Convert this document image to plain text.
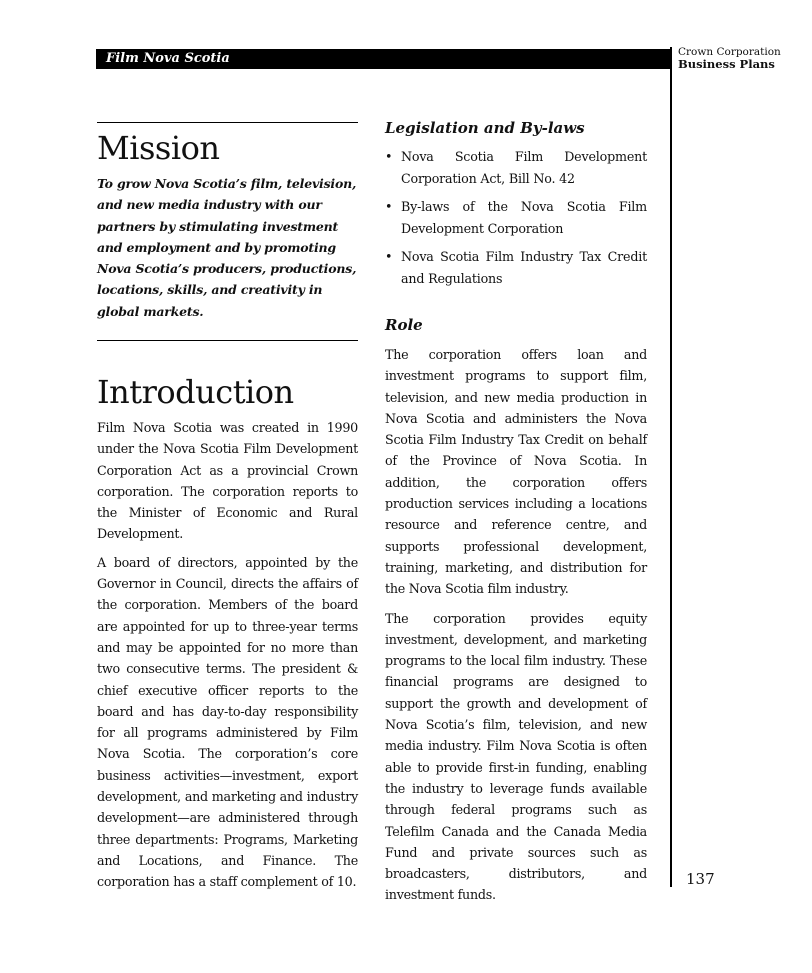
Film Nova Scotia	Crown Corporation
Business Plans
Mission

To grow Nova Scotia’s film, television, and new media industry with our partners by stimulating investment and employment and by promoting Nova Scotia’s producers, productions, locations, skills, and creativity in global markets.

Introduction

Film Nova Scotia was created in 1990 under the Nova Scotia Film Development Corporation Act as a provincial Crown corporation. The corporation reports to the Minister of Economic and Rural Development.

A board of directors, appointed by the Governor in Council, directs the affairs of the corporation. Members of the board are appointed for up to three-year terms and may be appointed for no more than two consecutive terms. The president & chief executive officer reports to the board and has day-to-day responsibility for all programs administered by Film Nova Scotia. The corporation’s core business activities—investment, export development, and marketing and industry development—are administered through three departments: Programs, Marketing and Locations, and Finance. The corporation has a staff complement of 10.

Legislation and By-laws
• Nova Scotia Film Development Corporation Act, Bill No. 42
• By-laws of the Nova Scotia Film Development Corporation
• Nova Scotia Film Industry Tax Credit and Regulations
Role

The corporation offers loan and investment programs to support film, television, and new media production in Nova Scotia and administers the Nova Scotia Film Industry Tax Credit on behalf of the Province of Nova Scotia. In addition, the corporation offers production services including a locations resource and reference centre, and supports professional development, training, marketing, and distribution for the Nova Scotia film industry.

The corporation provides equity investment, development, and marketing programs to the local film industry. These financial programs are designed to support the growth and development of Nova Scotia’s film, television, and new media industry. Film Nova Scotia is often able to provide first-in funding, enabling the industry to leverage funds available through federal programs such as Telefilm Canada and the Canada Media Fund and private sources such as broadcasters, distributors, and investment funds.

137
